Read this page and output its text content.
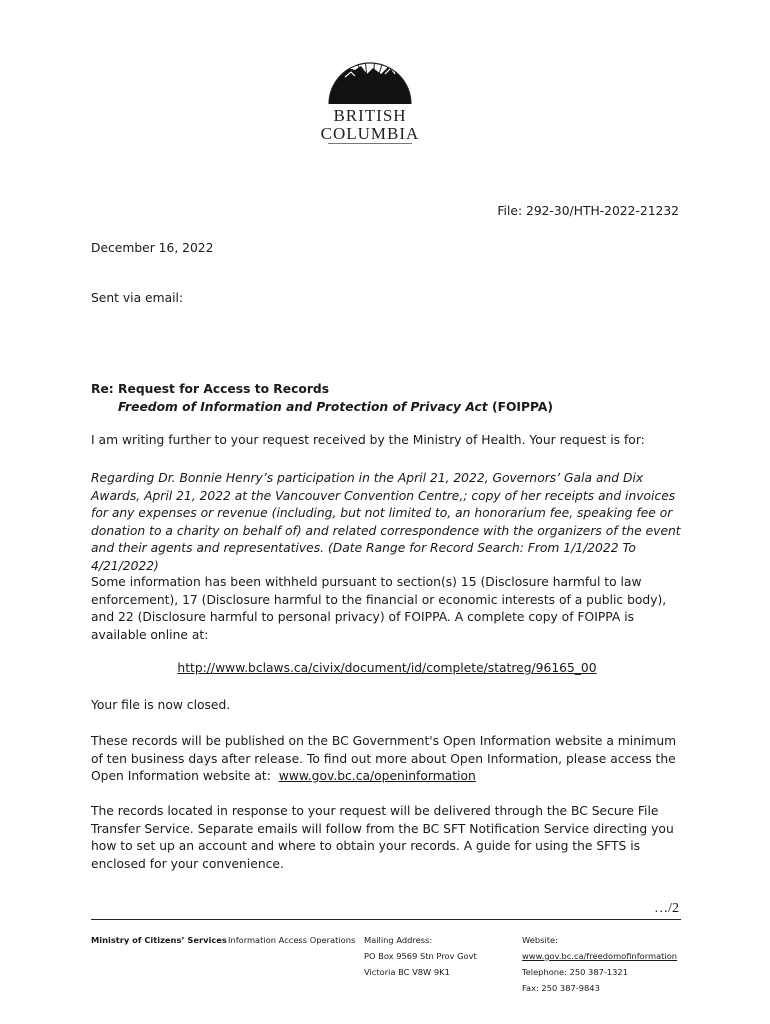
BRITISH
COLUMBIA
File: 292-30/HTH-2022-21232
December 16, 2022
Sent via email:
Re: Request for Access to Records
Freedom of Information and Protection of Privacy Act (FOIPPA)
I am writing further to your request received by the Ministry of Health. Your request is for:
Regarding Dr. Bonnie Henry’s participation in the April 21, 2022, Governors’ Gala and Dix Awards, April 21, 2022 at the Vancouver Convention Centre,; copy of her receipts and invoices for any expenses or revenue (including, but not limited to, an honorarium fee, speaking fee or donation to a charity on behalf of) and related correspondence with the organizers of the event and their agents and representatives. (Date Range for Record Search: From 1/1/2022 To 4/21/2022)
Some information has been withheld pursuant to section(s) 15 (Disclosure harmful to law enforcement), 17 (Disclosure harmful to the financial or economic interests of a public body), and 22 (Disclosure harmful to personal privacy) of FOIPPA. A complete copy of FOIPPA is available online at:
http://www.bclaws.ca/civix/document/id/complete/statreg/96165_00
Your file is now closed.
These records will be published on the BC Government's Open Information website a minimum of ten business days after release. To find out more about Open Information, please access the Open Information website at: www.gov.bc.ca/openinformation
The records located in response to your request will be delivered through the BC Secure File Transfer Service. Separate emails will follow from the BC SFT Notification Service directing you how to set up an account and where to obtain your records. A guide for using the SFTS is enclosed for your convenience.
…/2
Ministry of Citizens’ Services Information Access Operations Mailing Address:
PO Box 9569 Stn Prov Govt
Victoria BC V8W 9K1
Website:
www.gov.bc.ca/freedomofinformation
Telephone: 250 387-1321
Fax: 250 387-9843
